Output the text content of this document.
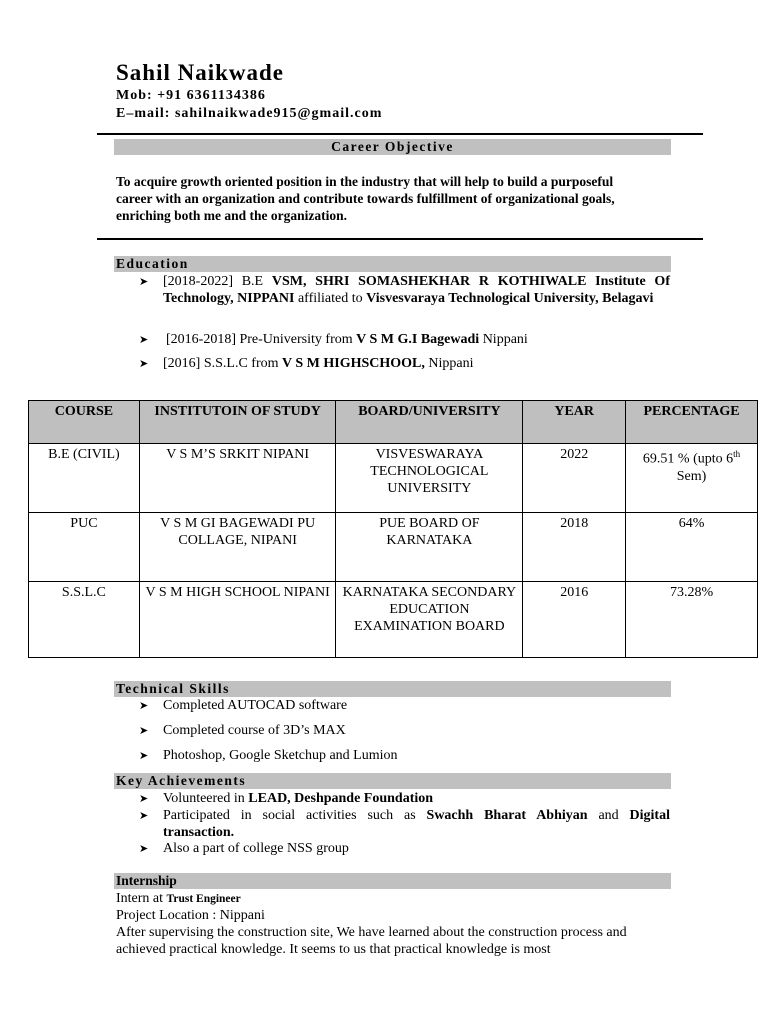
Sahil Naikwade
Mob: +91 6361134386
E–mail: sahilnaikwade915@gmail.com
Career Objective
To acquire growth oriented position in the industry that will help to build a purposeful career with an organization and contribute towards fulfillment of organizational goals, enriching both me and the organization.
Education
➤ [2018-2022] B.E VSM, SHRI SOMASHEKHAR R KOTHIWALE Institute Of Technology, NIPPANI affiliated to Visvesvaraya Technological University, Belagavi
➤ [2016-2018] Pre-University from V S M G.I Bagewadi Nippani
➤ [2016] S.S.L.C from V S M HIGHSCHOOL, Nippani
COURSE	INSTITUTOIN OF STUDY	BOARD/UNIVERSITY	YEAR	PERCENTAGE
B.E (CIVIL)	V S M’S SRKIT NIPANI	VISVESWARAYA TECHNOLOGICAL UNIVERSITY	2022	69.51 % (upto 6th Sem)
PUC	V S M GI BAGEWADI PU COLLAGE, NIPANI	PUE BOARD OF KARNATAKA	2018	64%
S.S.L.C	V S M HIGH SCHOOL NIPANI	KARNATAKA SECONDARY EDUCATION EXAMINATION BOARD	2016	73.28%
Technical Skills
➤ Completed AUTOCAD software
➤ Completed course of 3D’s MAX
➤ Photoshop, Google Sketchup and Lumion
Key Achievements
➤ Volunteered in LEAD, Deshpande Foundation
➤ Participated in social activities such as Swachh Bharat Abhiyan and Digital transaction.
➤ Also a part of college NSS group
Internship
Intern at Trust Engineer
Project Location : Nippani
After supervising the construction site, We have learned about the construction process and achieved practical knowledge. It seems to us that practical knowledge is most
